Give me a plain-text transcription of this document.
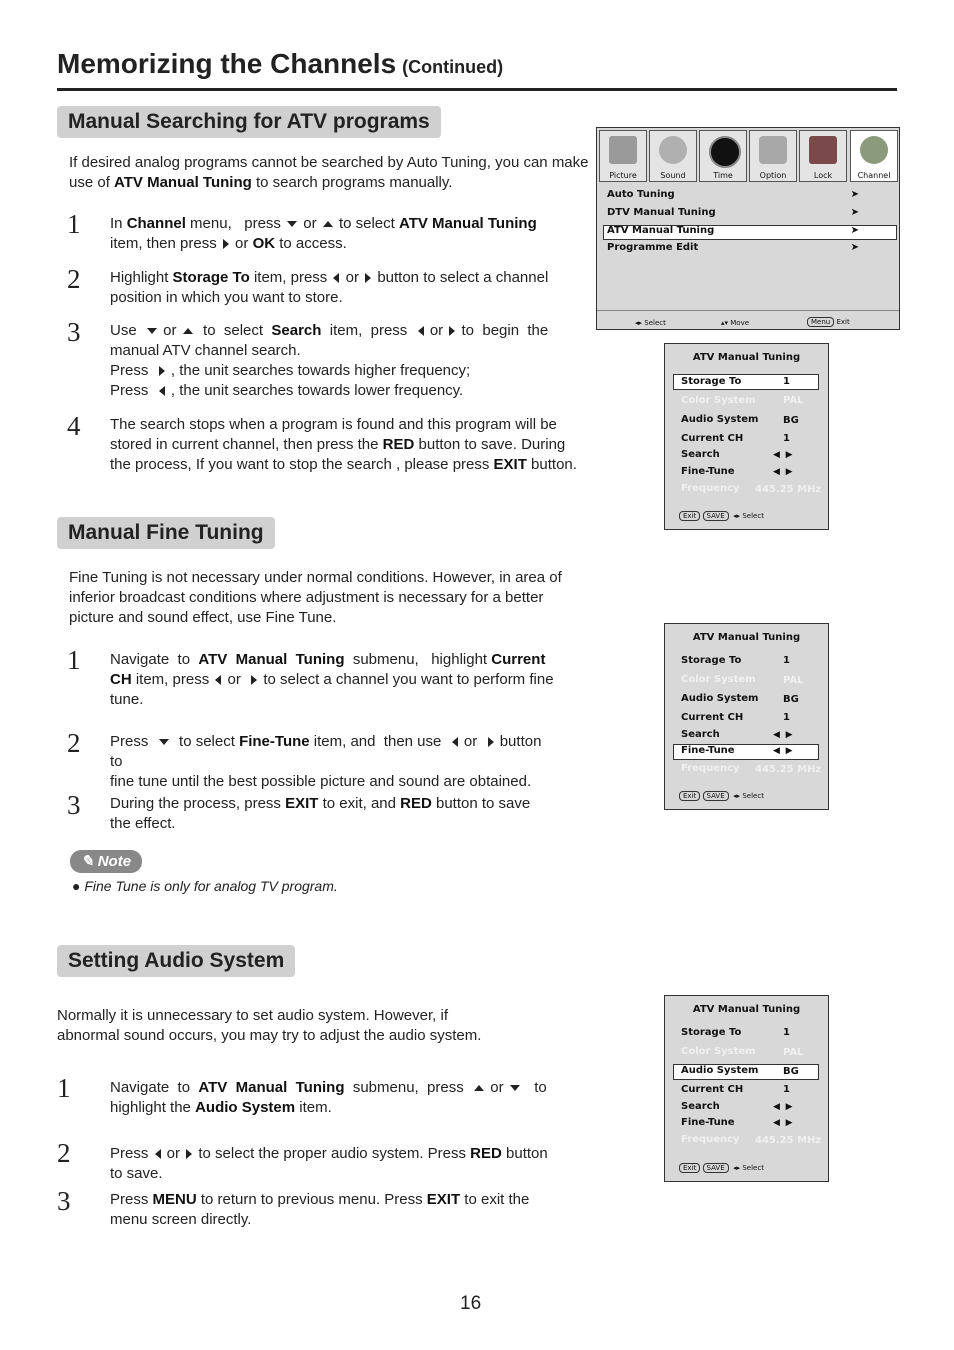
Memorizing the Channels (Continued)
Manual Searching for ATV programs
If desired analog programs cannot be searched by Auto Tuning, you can make
use of ATV Manual Tuning to search programs manually.
1 In Channel menu,   press  or  to select ATV Manual Tuning
item, then press  or OK to access.
2 Highlight Storage To item, press  or  button to select a channel
position in which you want to store.
3 Use   or   to  select  Search  item,  press   or  to  begin  the
manual ATV channel search.
Press   , the unit searches towards higher frequency;
Press   , the unit searches towards lower frequency.
4 The search stops when a program is found and this program will be
stored in current channel, then press the RED button to save. During
the process, If you want to stop the search , please press EXIT button.
Manual Fine Tuning
Fine Tuning is not necessary under normal conditions. However, in area of
inferior broadcast conditions where adjustment is necessary for a better
picture and sound effect, use Fine Tune.
1 Navigate  to  ATV  Manual  Tuning  submenu,   highlight Current
CH item, press  or   to select a channel you want to perform fine
tune.
2 Press    to select Fine-Tune item, and  then use   or   button to
fine tune until the best possible picture and sound are obtained.
3 During the process, press EXIT to exit, and RED button to save
the effect.
✎ Note
● Fine Tune is only for analog TV program.
Setting Audio System
Normally it is unnecessary to set audio system. However, if
abnormal sound occurs, you may try to adjust the audio system.
1	Navigate  to  ATV  Manual  Tuning  submenu,  press   or    to
highlight the Audio System item.
2	Press  or  to select the proper audio system. Press RED button
to save.
3	Press MENU to return to previous menu. Press EXIT to exit the
menu screen directly.
16
Picture	Sound	Time	Option	Lock	Channel
Auto Tuning	➤
DTV Manual Tuning	➤
ATV Manual Tuning	➤
Programme Edit	➤
◂▸ Select	▴▾ Move	Menu Exit
ATV Manual Tuning
Storage To	1
Color System	PAL
Audio System BG
Current CH	1
Search	◀  ▶
Fine-Tune	◀  ▶
Frequency 445.25 MHz
Exit SAVE  ◂▸ Select
ATV Manual Tuning
Storage To	1
Color System	PAL
Audio System BG
Current CH	1
Search	◀  ▶
Fine-Tune	◀  ▶
Frequency 445.25 MHz
Exit SAVE  ◂▸ Select
ATV Manual Tuning
Storage To	1
Color System	PAL
Audio System BG
Current CH	1
Search	◀  ▶
Fine-Tune	◀  ▶
Frequency 445.25 MHz
Exit SAVE  ◂▸ Select
